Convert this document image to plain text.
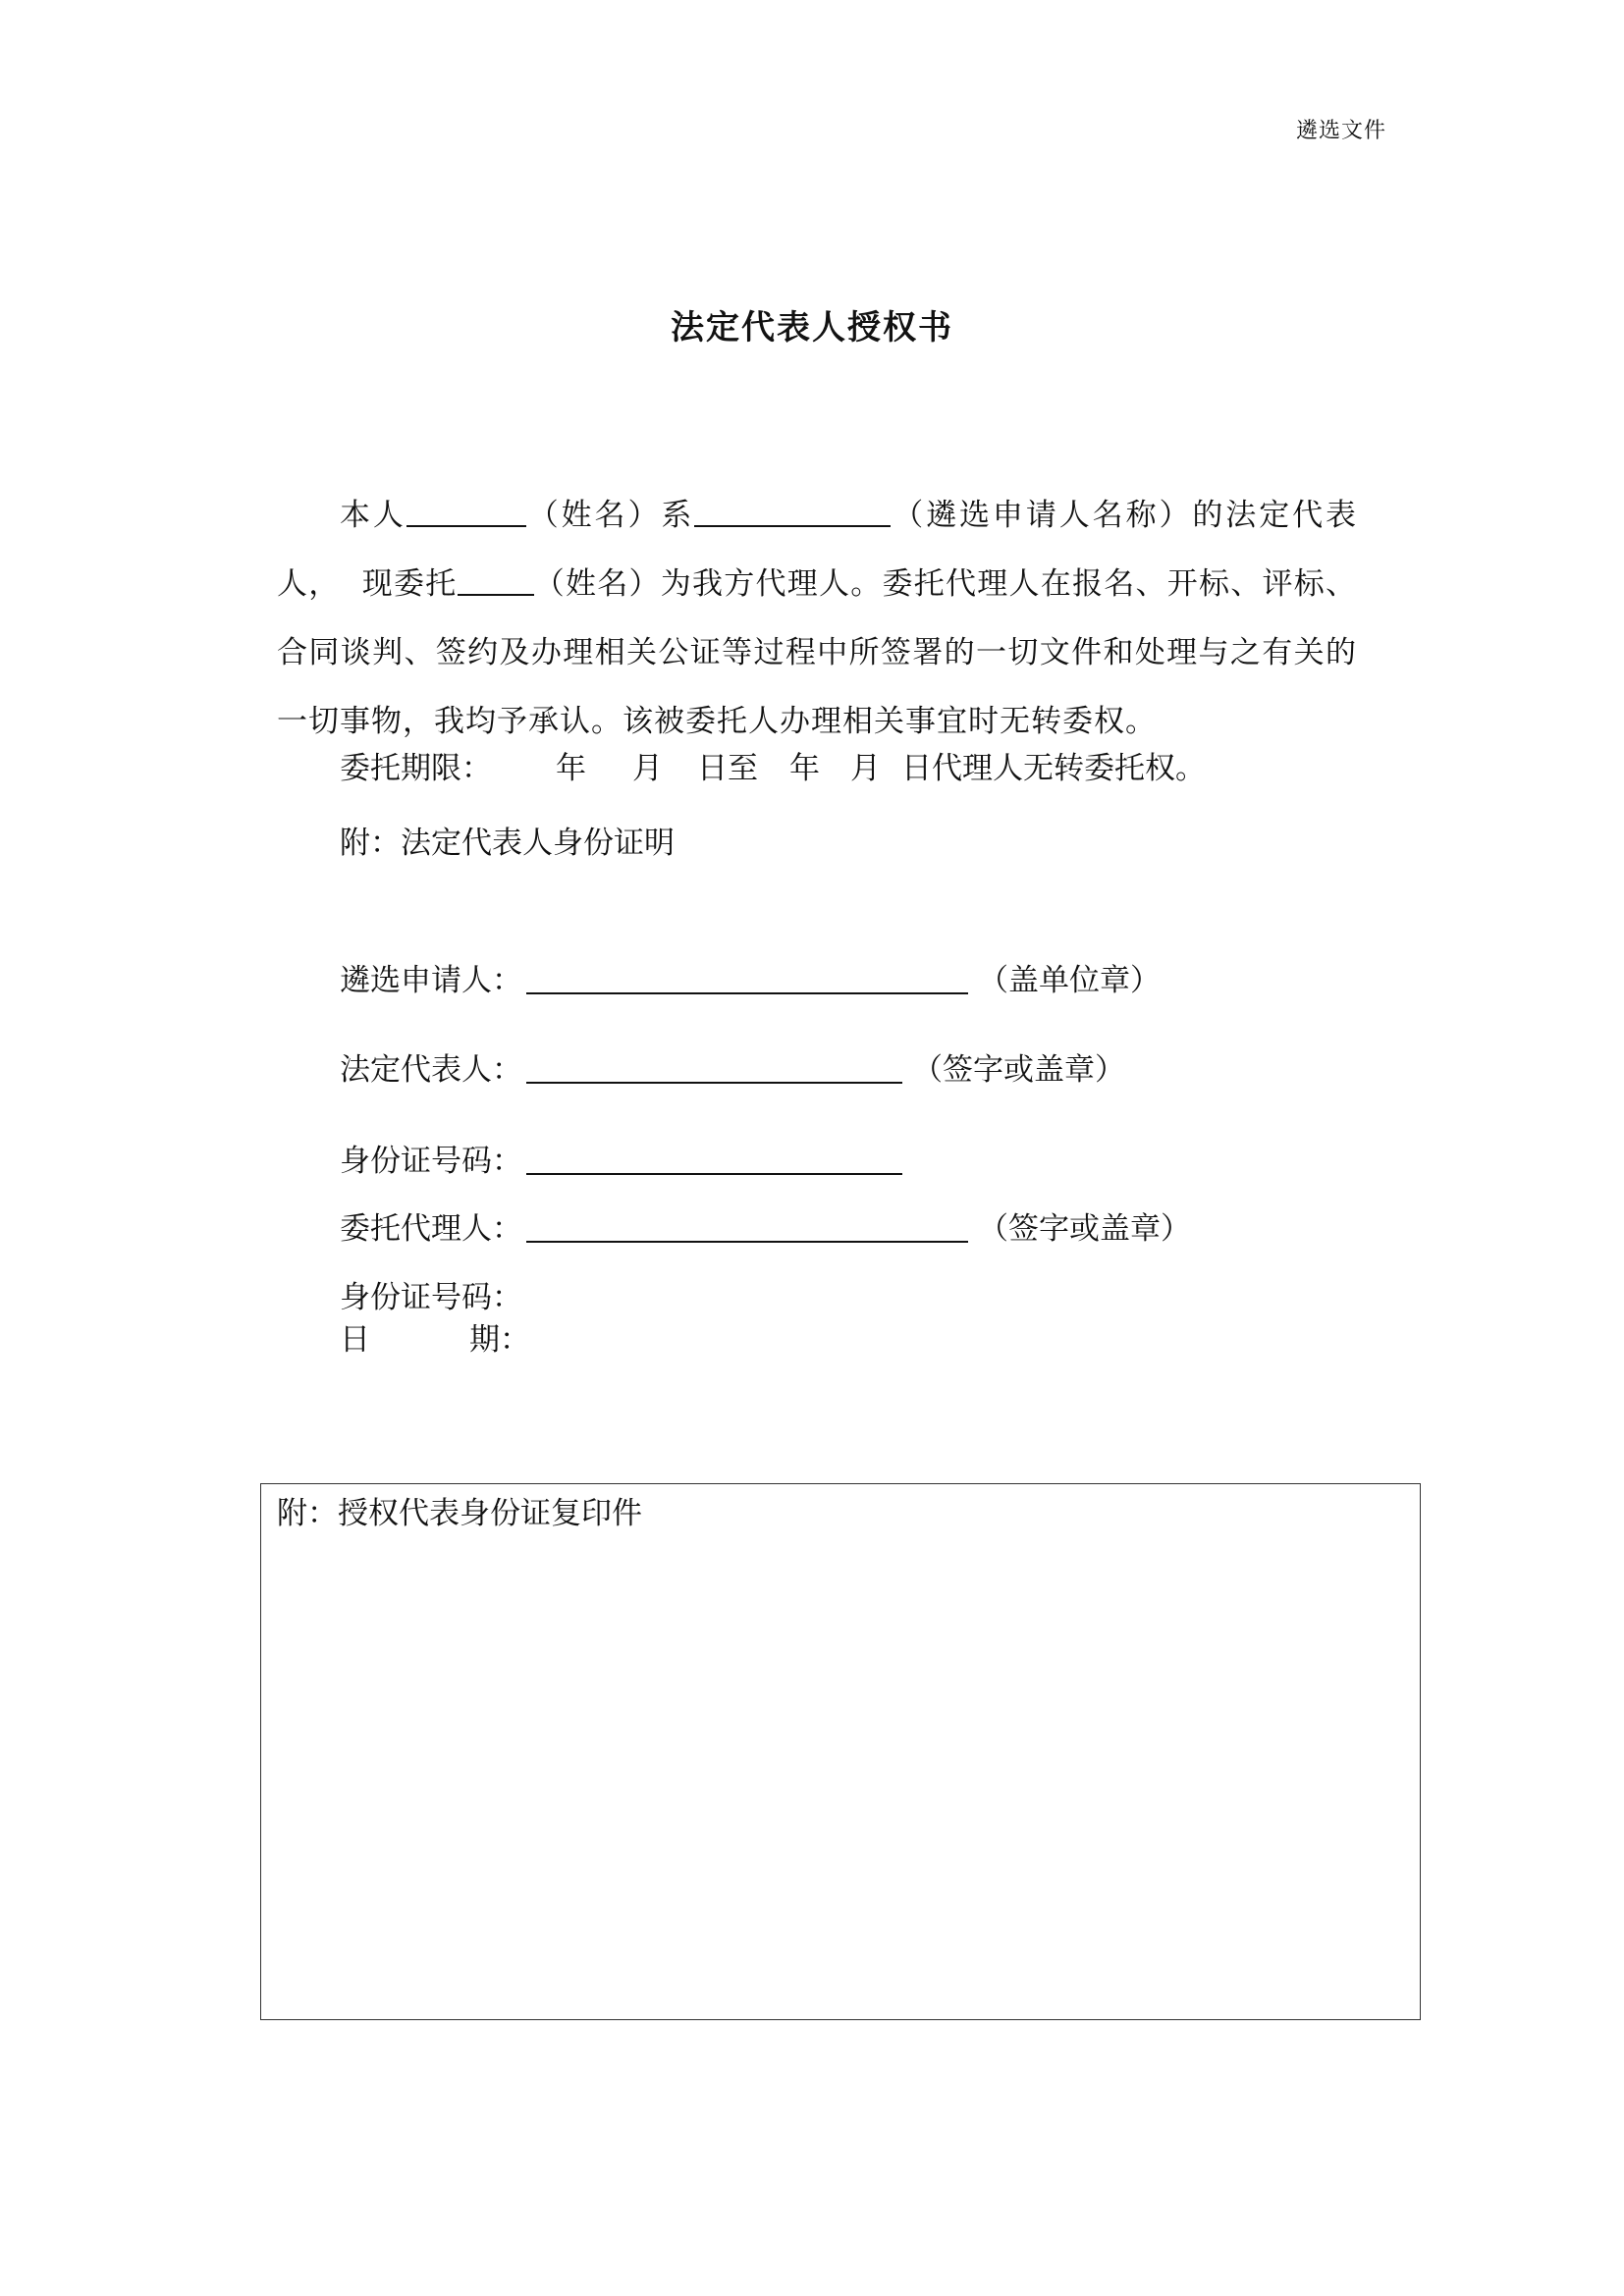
遴选文件
法定代表人授权书

本人	（姓名）系	（遴选申请人名称）的法定代表人， 现委托	（姓名）为我方代理人。委托代理人在报名、开标、评标、合同谈判、签约及办理相关公证等过程中所签署的一切文件和处理与之有关的一切事物，我均予承认。该被委托人办理相关事宜时无转委权。

委托期限： 年 月 日至 年 月 日代理人无转委托权。
附：法定代表人身份证明
遴选申请人：	（盖单位章）
法定代表人：	（签字或盖章）
身份证号码：
委托代理人：	（签字或盖章）
身份证号码：
日	期：
附：授权代表身份证复印件
